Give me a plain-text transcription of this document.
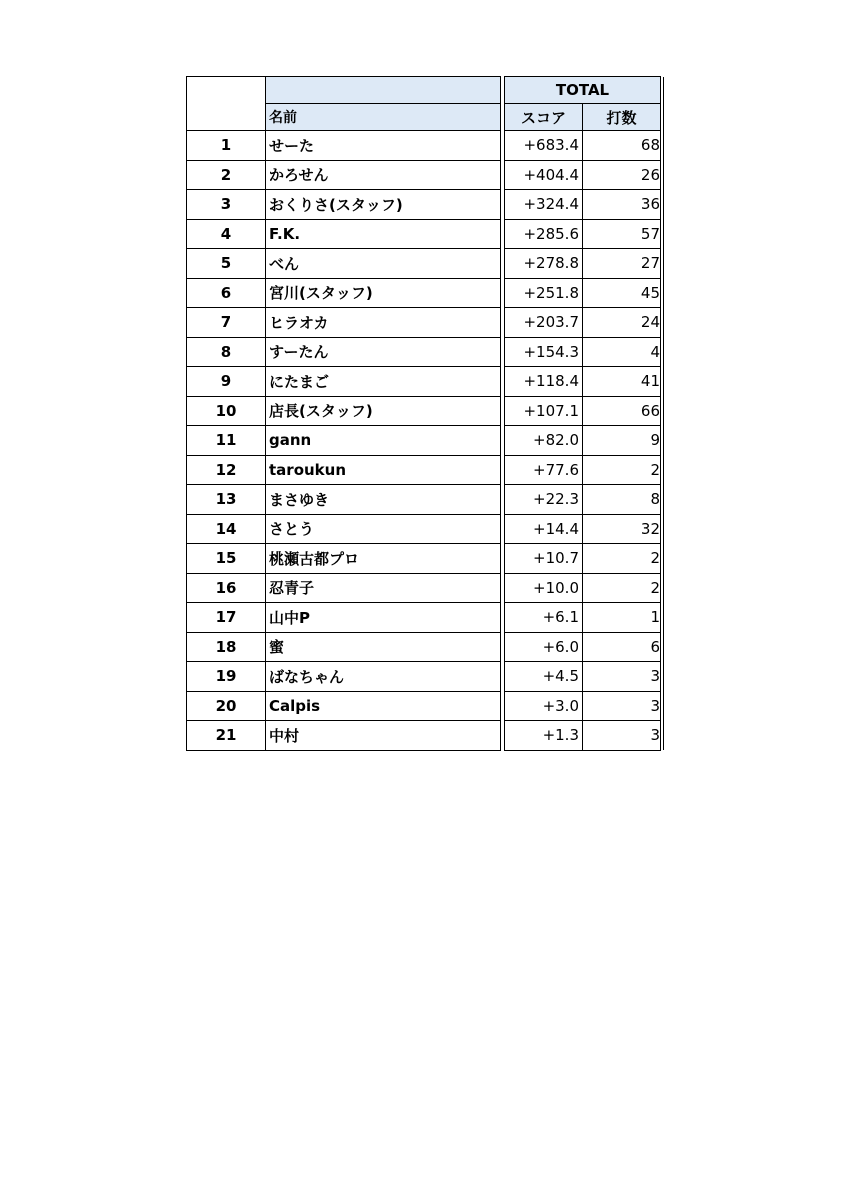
			TOTAL		
	名前		スコア	打数	
1	せーた		+683.4	68	
2	かろせん		+404.4	26	
3	おくりさ(スタッフ)		+324.4	36	
4	F.K.		+285.6	57	
5	べん		+278.8	27	
6	宮川(スタッフ)		+251.8	45	
7	ヒラオカ		+203.7	24	
8	すーたん		+154.3	4	
9	にたまご		+118.4	41	
10	店長(スタッフ)		+107.1	66	
11	gann		+82.0	9	
12	taroukun		+77.6	2	
13	まさゆき		+22.3	8	
14	さとう		+14.4	32	
15	桃瀬古都プロ		+10.7	2	
16	忍青子		+10.0	2	
17	山中P		+6.1	1	
18	蜜		+6.0	6	
19	ばなちゃん		+4.5	3	
20	Calpis		+3.0	3	
21	中村		+1.3	3	
